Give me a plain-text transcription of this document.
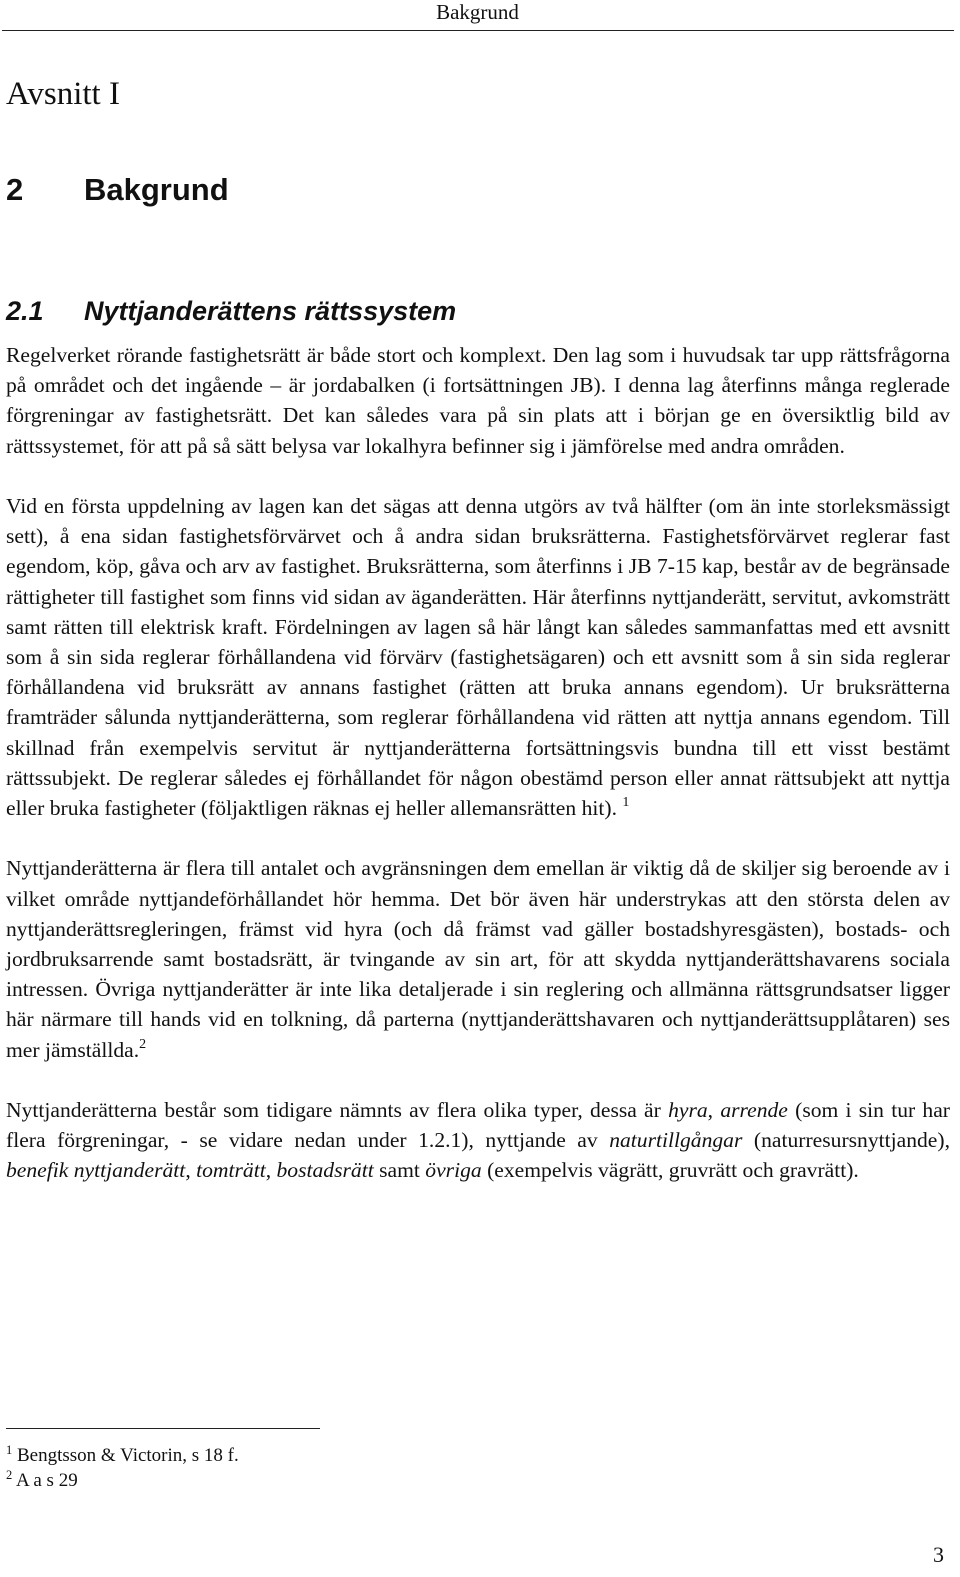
Bakgrund
Avsnitt I
2 Bakgrund
2.1 Nyttjanderättens rättssystem

Regelverket rörande fastighetsrätt är både stort och komplext. Den lag som i huvudsak tar upp rättsfrågorna på området och det ingående – är jordabalken (i fortsättningen JB). I denna lag återfinns många reglerade förgreningar av fastighetsrätt. Det kan således vara på sin plats att i början ge en översiktlig bild av rättssystemet, för att på så sätt belysa var lokalhyra befinner sig i jämförelse med andra områden.

Vid en första uppdelning av lagen kan det sägas att denna utgörs av två hälfter (om än inte storleksmässigt sett), å ena sidan fastighetsförvärvet och å andra sidan bruksrätterna. Fastighetsförvärvet reglerar fast egendom, köp, gåva och arv av fastighet. Bruksrätterna, som återfinns i JB 7-15 kap, består av de begränsade rättigheter till fastighet som finns vid sidan av äganderätten. Här återfinns nyttjanderätt, servitut, avkomsträtt samt rätten till elektrisk kraft. Fördelningen av lagen så här långt kan således sammanfattas med ett avsnitt som å sin sida reglerar förhållandena vid förvärv (fastighetsägaren) och ett avsnitt som å sin sida reglerar förhållandena vid bruksrätt av annans fastighet (rätten att bruka annans egendom). Ur bruksrätterna framträder sålunda nyttjanderätterna, som reglerar förhållandena vid rätten att nyttja annans egendom. Till skillnad från exempelvis servitut är nyttjanderätterna fortsättningsvis bundna till ett visst bestämt rättssubjekt. De reglerar således ej förhållandet för någon obestämd person eller annat rättsubjekt att nyttja eller bruka fastigheter (följaktligen räknas ej heller allemansrätten hit). $^1$

Nyttjanderätterna är flera till antalet och avgränsningen dem emellan är viktig då de skiljer sig beroende av i vilket område nyttjandeförhållandet hör hemma. Det bör även här understrykas att den största delen av nyttjanderättsregleringen, främst vid hyra (och då främst vad gäller bostadshyresgästen), bostads- och jordbruksarrende samt bostadsrätt, är tvingande av sin art, för att skydda nyttjanderättshavarens sociala intressen. Övriga nyttjanderätter är inte lika detaljerade i sin reglering och allmänna rättsgrundsatser ligger här närmare till hands vid en tolkning, då parterna (nyttjanderättshavaren och nyttjanderättsupplåtaren) ses mer jämställda.$^2$

Nyttjanderätterna består som tidigare nämnts av flera olika typer, dessa är hyra, arrende (som i sin tur har flera förgreningar, - se vidare nedan under 1.2.1), nyttjande av naturtillgångar (naturresursnyttjande), benefik nyttjanderätt, tomträtt, bostadsrätt samt övriga (exempelvis vägrätt, gruvrätt och gravrätt).

$^1$ Bengtsson & Victorin, s 18 f.
$^2$ A a s 29
3
